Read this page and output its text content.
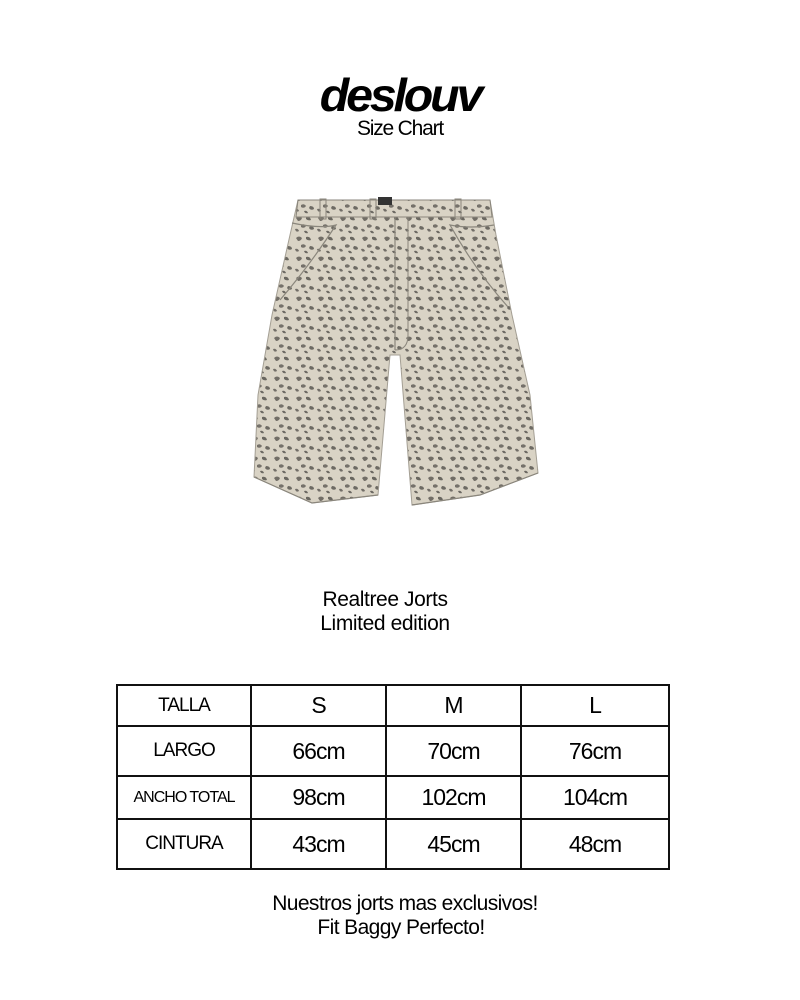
deslouv
Size Chart
Realtree Jorts
Limited edition
TALLA	S	M	L
LARGO	66cm	70cm	76cm
ANCHO TOTAL	98cm	102cm	104cm
CINTURA	43cm	45cm	48cm
Nuestros jorts mas exclusivos!
Fit Baggy Perfecto!
